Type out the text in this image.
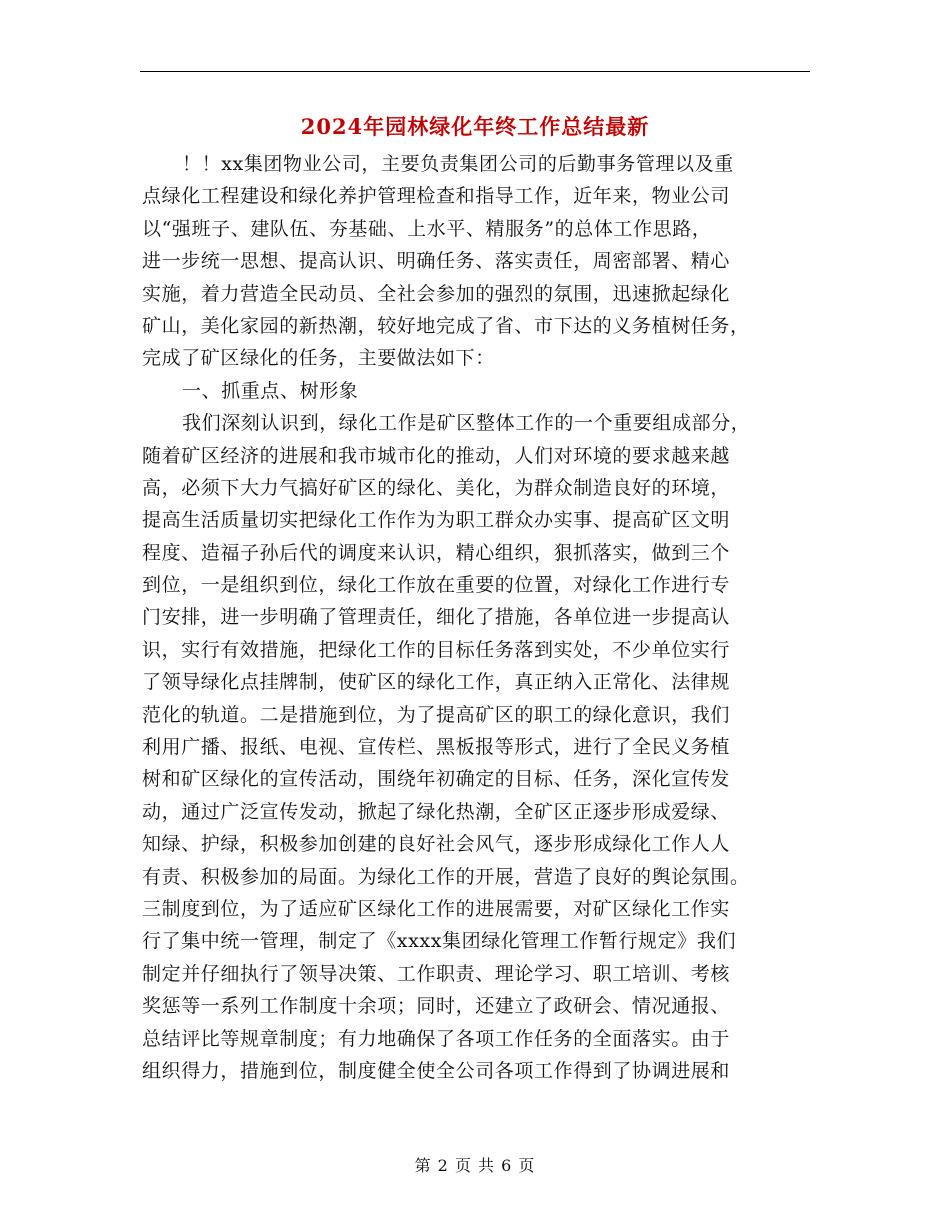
2024年园林绿化年终工作总结最新
！！xx集团物业公司，主要负责集团公司的后勤事务管理以及重
点绿化工程建设和绿化养护管理检查和指导工作，近年来，物业公司
以“强班子、建队伍、夯基础、上水平、精服务”的总体工作思路，
进一步统一思想、提高认识、明确任务、落实责任，周密部署、精心
实施，着力营造全民动员、全社会参加的强烈的氛围，迅速掀起绿化
矿山，美化家园的新热潮，较好地完成了省、市下达的义务植树任务，
完成了矿区绿化的任务，主要做法如下：
一、抓重点、树形象
我们深刻认识到，绿化工作是矿区整体工作的一个重要组成部分，
随着矿区经济的进展和我市城市化的推动，人们对环境的要求越来越
高，必须下大力气搞好矿区的绿化、美化，为群众制造良好的环境，
提高生活质量切实把绿化工作作为为职工群众办实事、提高矿区文明
程度、造福子孙后代的调度来认识，精心组织，狠抓落实，做到三个
到位，一是组织到位，绿化工作放在重要的位置，对绿化工作进行专
门安排，进一步明确了管理责任，细化了措施，各单位进一步提高认
识，实行有效措施，把绿化工作的目标任务落到实处，不少单位实行
了领导绿化点挂牌制，使矿区的绿化工作，真正纳入正常化、法律规
范化的轨道。二是措施到位，为了提高矿区的职工的绿化意识，我们
利用广播、报纸、电视、宣传栏、黑板报等形式，进行了全民义务植
树和矿区绿化的宣传活动，围绕年初确定的目标、任务，深化宣传发
动，通过广泛宣传发动，掀起了绿化热潮，全矿区正逐步形成爱绿、
知绿、护绿，积极参加创建的良好社会风气，逐步形成绿化工作人人
有责、积极参加的局面。为绿化工作的开展，营造了良好的舆论氛围。
三制度到位，为了适应矿区绿化工作的进展需要，对矿区绿化工作实
行了集中统一管理，制定了《xxxx集团绿化管理工作暂行规定》我们
制定并仔细执行了领导决策、工作职责、理论学习、职工培训、考核
奖惩等一系列工作制度十余项；同时，还建立了政研会、情况通报、
总结评比等规章制度；有力地确保了各项工作任务的全面落实。由于
组织得力，措施到位，制度健全使全公司各项工作得到了协调进展和
第 2 页 共 6 页
